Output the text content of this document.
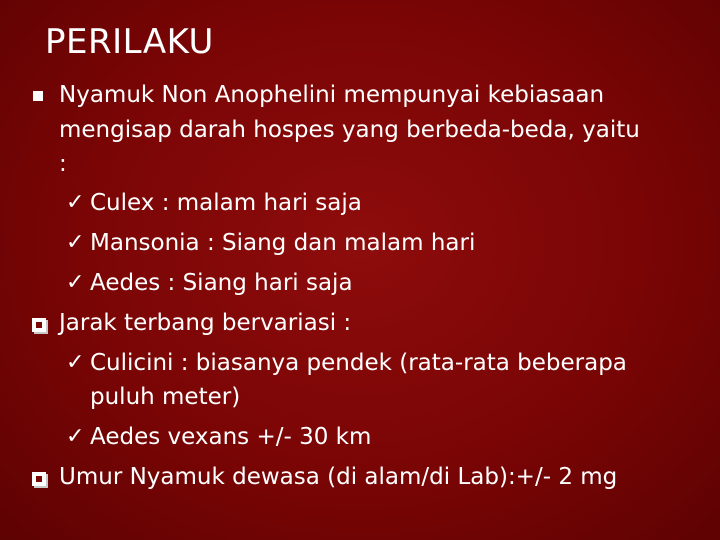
PERILAKU
Nyamuk Non Anophelini mempunyai kebiasaan
mengisap darah hospes yang berbeda-beda, yaitu
:
✓ Culex : malam hari saja
✓ Mansonia : Siang dan malam hari
✓ Aedes : Siang hari saja
Jarak terbang bervariasi :
✓ Culicini : biasanya pendek (rata-rata beberapa
puluh meter)
✓ Aedes vexans +/- 30 km
Umur Nyamuk dewasa (di alam/di Lab):+/- 2 mg
